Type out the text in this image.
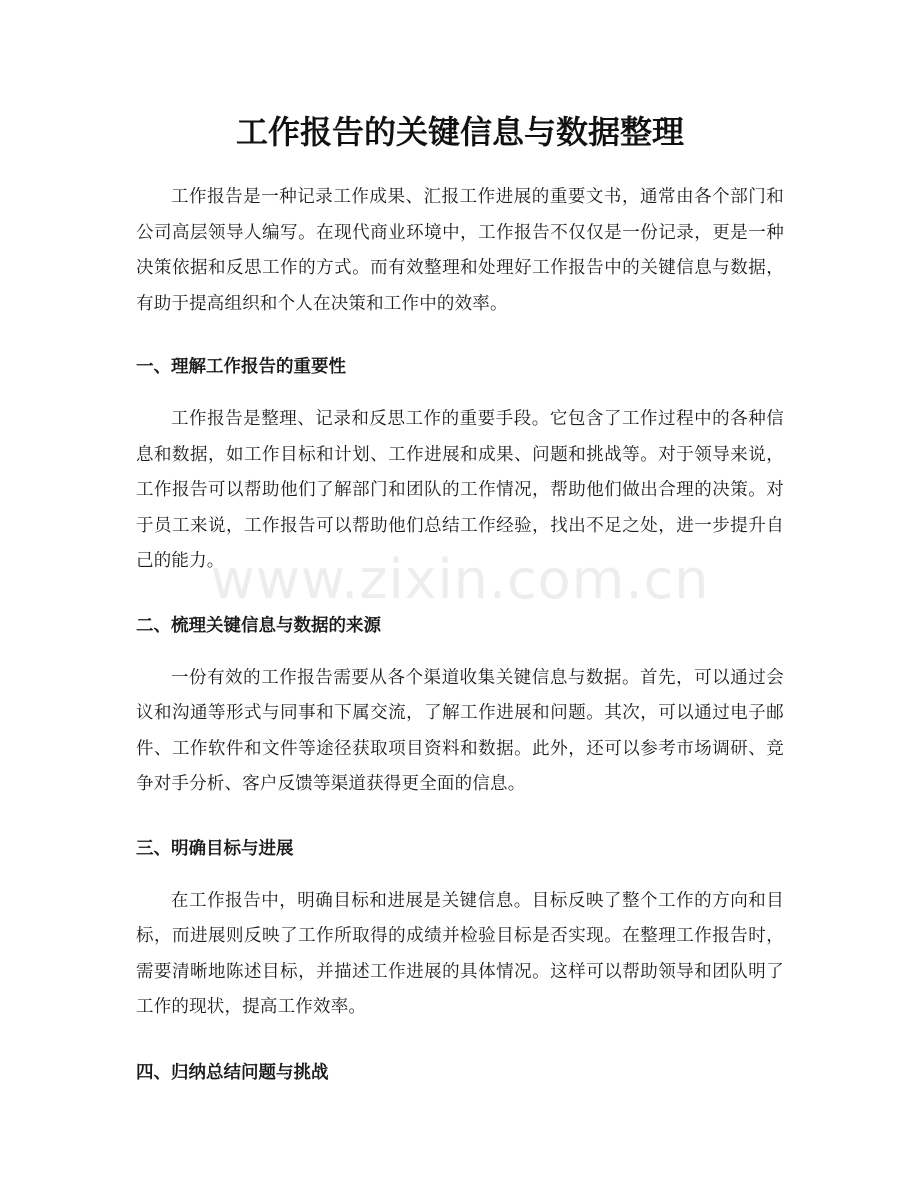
工作报告的关键信息与数据整理
www.zixin.com.cn

工作报告是一种记录工作成果、汇报工作进展的重要文书，通常由各个部门和公司高层领导人编写。在现代商业环境中，工作报告不仅仅是一份记录，更是一种决策依据和反思工作的方式。而有效整理和处理好工作报告中的关键信息与数据，有助于提高组织和个人在决策和工作中的效率。

一、理解工作报告的重要性

工作报告是整理、记录和反思工作的重要手段。它包含了工作过程中的各种信息和数据，如工作目标和计划、工作进展和成果、问题和挑战等。对于领导来说，工作报告可以帮助他们了解部门和团队的工作情况，帮助他们做出合理的决策。对于员工来说，工作报告可以帮助他们总结工作经验，找出不足之处，进一步提升自己的能力。

二、梳理关键信息与数据的来源

一份有效的工作报告需要从各个渠道收集关键信息与数据。首先，可以通过会议和沟通等形式与同事和下属交流，了解工作进展和问题。其次，可以通过电子邮件、工作软件和文件等途径获取项目资料和数据。此外，还可以参考市场调研、竞争对手分析、客户反馈等渠道获得更全面的信息。

三、明确目标与进展

在工作报告中，明确目标和进展是关键信息。目标反映了整个工作的方向和目标，而进展则反映了工作所取得的成绩并检验目标是否实现。在整理工作报告时，需要清晰地陈述目标，并描述工作进展的具体情况。这样可以帮助领导和团队明了工作的现状，提高工作效率。

四、归纳总结问题与挑战
